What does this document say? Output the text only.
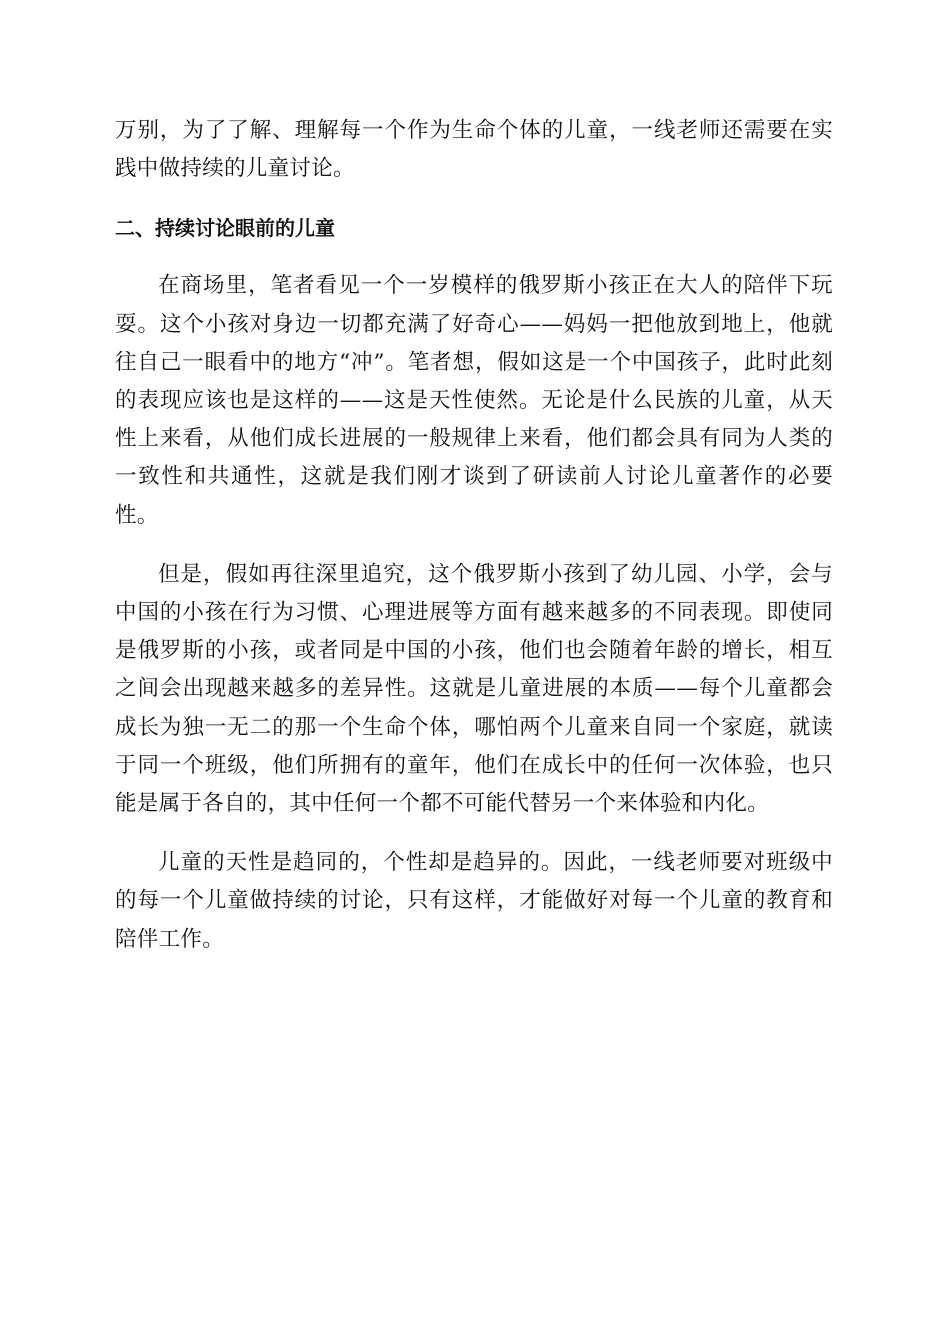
万别，为了了解、理解每一个作为生命个体的儿童，一线老师还需要在实践中做持续的儿童讨论。

二、持续讨论眼前的儿童

在商场里，笔者看见一个一岁模样的俄罗斯小孩正在大人的陪伴下玩耍。这个小孩对身边一切都充满了好奇心——妈妈一把他放到地上，他就往自己一眼看中的地方“冲”。笔者想，假如这是一个中国孩子，此时此刻的表现应该也是这样的——这是天性使然。无论是什么民族的儿童，从天性上来看，从他们成长进展的一般规律上来看，他们都会具有同为人类的一致性和共通性，这就是我们刚才谈到了研读前人讨论儿童著作的必要性。

但是，假如再往深里追究，这个俄罗斯小孩到了幼儿园、小学，会与中国的小孩在行为习惯、心理进展等方面有越来越多的不同表现。即使同是俄罗斯的小孩，或者同是中国的小孩，他们也会随着年龄的增长，相互之间会出现越来越多的差异性。这就是儿童进展的本质——每个儿童都会成长为独一无二的那一个生命个体，哪怕两个儿童来自同一个家庭，就读于同一个班级，他们所拥有的童年，他们在成长中的任何一次体验，也只能是属于各自的，其中任何一个都不可能代替另一个来体验和内化。

儿童的天性是趋同的，个性却是趋异的。因此，一线老师要对班级中的每一个儿童做持续的讨论，只有这样，才能做好对每一个儿童的教育和陪伴工作。
